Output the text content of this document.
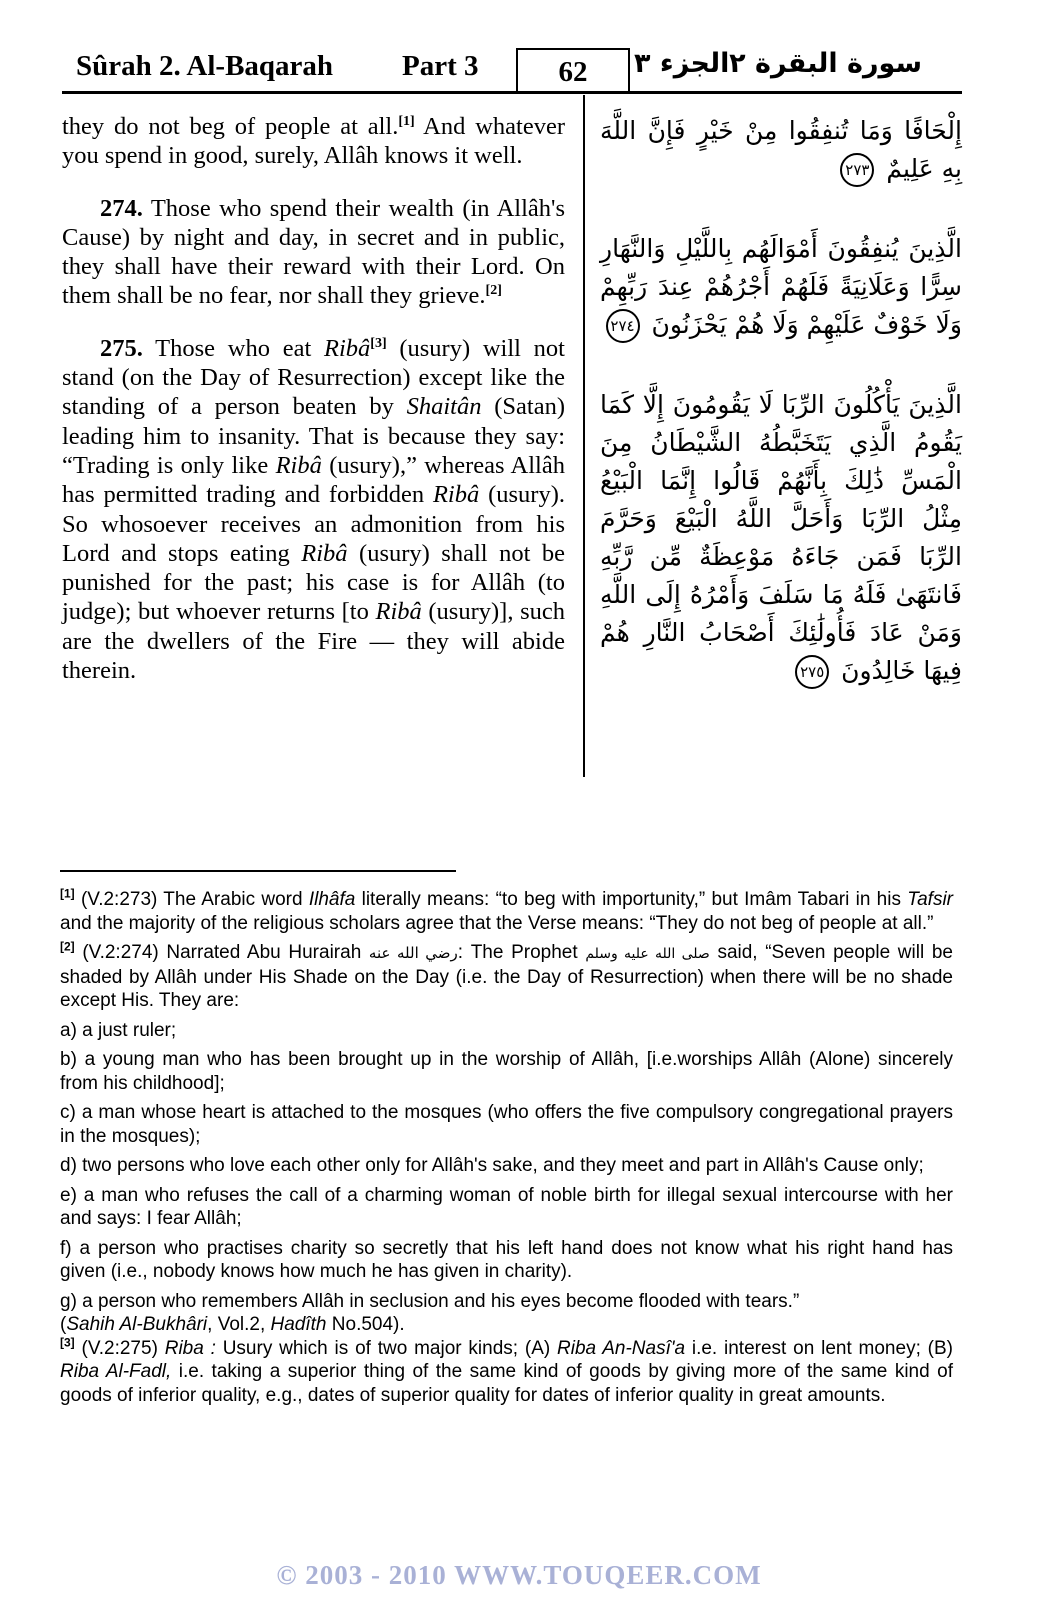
Sûrah 2. Al-Baqarah Part 3	62	الجزء ٣ سورة البقرة ٢

they do not beg of people at all.[1] And whatever you spend in good, surely, Allâh knows it well.

274. Those who spend their wealth (in Allâh's Cause) by night and day, in secret and in public, they shall have their reward with their Lord. On them shall be no fear, nor shall they grieve.[2]

275. Those who eat Ribâ[3] (usury) will not stand (on the Day of Resurrection) except like the standing of a person beaten by Shaitân (Satan) leading him to insanity. That is because they say: “Trading is only like Ribâ (usury),” whereas Allâh has permitted trading and forbidden Ribâ (usury). So whosoever receives an admonition from his Lord and stops eating Ribâ (usury) shall not be punished for the past; his case is for Allâh (to judge); but whoever returns [to Ribâ (usury)], such are the dwellers of the Fire — they will abide therein.

إِلْحَافًا وَمَا تُنفِقُوا مِنْ خَيْرٍ فَإِنَّ اللَّهَ بِهِ عَلِيمٌ ٢٧٣

الَّذِينَ يُنفِقُونَ أَمْوَالَهُم بِاللَّيْلِ وَالنَّهَارِ سِرًّا وَعَلَانِيَةً فَلَهُمْ أَجْرُهُمْ عِندَ رَبِّهِمْ وَلَا خَوْفٌ عَلَيْهِمْ وَلَا هُمْ يَحْزَنُونَ ٢٧٤

الَّذِينَ يَأْكُلُونَ الرِّبَا لَا يَقُومُونَ إِلَّا كَمَا يَقُومُ الَّذِي يَتَخَبَّطُهُ الشَّيْطَانُ مِنَ الْمَسِّ ذَٰلِكَ بِأَنَّهُمْ قَالُوا إِنَّمَا الْبَيْعُ مِثْلُ الرِّبَا وَأَحَلَّ اللَّهُ الْبَيْعَ وَحَرَّمَ الرِّبَا فَمَن جَاءَهُ مَوْعِظَةٌ مِّن رَّبِّهِ فَانتَهَىٰ فَلَهُ مَا سَلَفَ وَأَمْرُهُ إِلَى اللَّهِ وَمَنْ عَادَ فَأُولَٰئِكَ أَصْحَابُ النَّارِ هُمْ فِيهَا خَالِدُونَ ٢٧٥

[1] (V.2:273) The Arabic word Ilhâfa literally means: “to beg with importunity,” but Imâm Tabari in his Tafsir and the majority of the religious scholars agree that the Verse means: “They do not beg of people at all.”

[2] (V.2:274) Narrated Abu Hurairah رضي الله عنه: The Prophet صلى الله عليه وسلم said, “Seven people will be shaded by Allâh under His Shade on the Day (i.e. the Day of Resurrection) when there will be no shade except His. They are:

a) a just ruler;

b) a young man who has been brought up in the worship of Allâh, [i.e.worships Allâh (Alone) sincerely from his childhood];

c) a man whose heart is attached to the mosques (who offers the five compulsory congregational prayers in the mosques);

d) two persons who love each other only for Allâh's sake, and they meet and part in Allâh's Cause only;

e) a man who refuses the call of a charming woman of noble birth for illegal sexual intercourse with her and says: I fear Allâh;

f) a person who practises charity so secretly that his left hand does not know what his right hand has given (i.e., nobody knows how much he has given in charity).

g) a person who remembers Allâh in seclusion and his eyes become flooded with tears.”

(Sahih Al-Bukhâri, Vol.2, Hadîth No.504).

[3] (V.2:275) Riba : Usury which is of two major kinds; (A) Riba An-Nasî'a i.e. interest on lent money; (B) Riba Al-Fadl, i.e. taking a superior thing of the same kind of goods by giving more of the same kind of goods of inferior quality, e.g., dates of superior quality for dates of inferior quality in great amounts.

© 2003 - 2010 WWW.TOUQEER.COM
